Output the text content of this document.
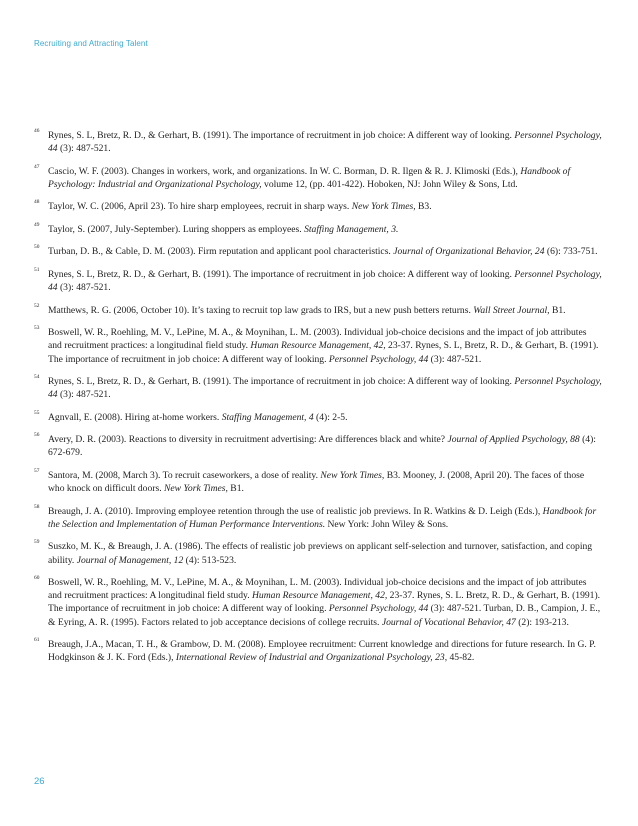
Recruiting and Attracting Talent
46 Rynes, S. L, Bretz, R. D., & Gerhart, B. (1991). The importance of recruitment in job choice: A different way of looking. Personnel Psychology, 44 (3): 487-521.
47 Cascio, W. F. (2003). Changes in workers, work, and organizations. In W. C. Borman, D. R. Ilgen & R. J. Klimoski (Eds.), Handbook of Psychology: Industrial and Organizational Psychology, volume 12, (pp. 401-422). Hoboken, NJ: John Wiley & Sons, Ltd.
48 Taylor, W. C. (2006, April 23). To hire sharp employees, recruit in sharp ways. New York Times, B3.
49 Taylor, S. (2007, July-September). Luring shoppers as employees. Staffing Management, 3.
50 Turban, D. B., & Cable, D. M. (2003). Firm reputation and applicant pool characteristics. Journal of Organizational Behavior, 24 (6): 733-751.
51 Rynes, S. L, Bretz, R. D., & Gerhart, B. (1991). The importance of recruitment in job choice: A different way of looking. Personnel Psychology, 44 (3): 487-521.
52 Matthews, R. G. (2006, October 10). It’s taxing to recruit top law grads to IRS, but a new push betters returns. Wall Street Journal, B1.
53 Boswell, W. R., Roehling, M. V., LePine, M. A., & Moynihan, L. M. (2003). Individual job-choice decisions and the impact of job attributes and recruitment practices: a longitudinal field study. Human Resource Management, 42, 23-37. Rynes, S. L, Bretz, R. D., & Gerhart, B. (1991). The importance of recruitment in job choice: A different way of looking. Personnel Psychology, 44 (3): 487-521.
54 Rynes, S. L, Bretz, R. D., & Gerhart, B. (1991). The importance of recruitment in job choice: A different way of looking. Personnel Psychology, 44 (3): 487-521.
55 Agnvall, E. (2008). Hiring at-home workers. Staffing Management, 4 (4): 2-5.
56 Avery, D. R. (2003). Reactions to diversity in recruitment advertising: Are differences black and white? Journal of Applied Psychology, 88 (4): 672-679.
57 Santora, M. (2008, March 3). To recruit caseworkers, a dose of reality. New York Times, B3. Mooney, J. (2008, April 20). The faces of those who knock on difficult doors. New York Times, B1.
58 Breaugh, J. A. (2010). Improving employee retention through the use of realistic job previews. In R. Watkins & D. Leigh (Eds.), Handbook for the Selection and Implementation of Human Performance Interventions. New York: John Wiley & Sons.
59 Suszko, M. K., & Breaugh, J. A. (1986). The effects of realistic job previews on applicant self-selection and turnover, satisfaction, and coping ability. Journal of Management, 12 (4): 513-523.
60 Boswell, W. R., Roehling, M. V., LePine, M. A., & Moynihan, L. M. (2003). Individual job-choice decisions and the impact of job attributes and recruitment practices: A longitudinal field study. Human Resource Management, 42, 23-37. Rynes, S. L. Bretz, R. D., & Gerhart, B. (1991). The importance of recruitment in job choice: A different way of looking. Personnel Psychology, 44 (3): 487-521. Turban, D. B., Campion, J. E., & Eyring, A. R. (1995). Factors related to job acceptance decisions of college recruits. Journal of Vocational Behavior, 47 (2): 193-213.
61 Breaugh, J.A., Macan, T. H., & Grambow, D. M. (2008). Employee recruitment: Current knowledge and directions for future research. In G. P. Hodgkinson & J. K. Ford (Eds.), International Review of Industrial and Organizational Psychology, 23, 45-82.
26
